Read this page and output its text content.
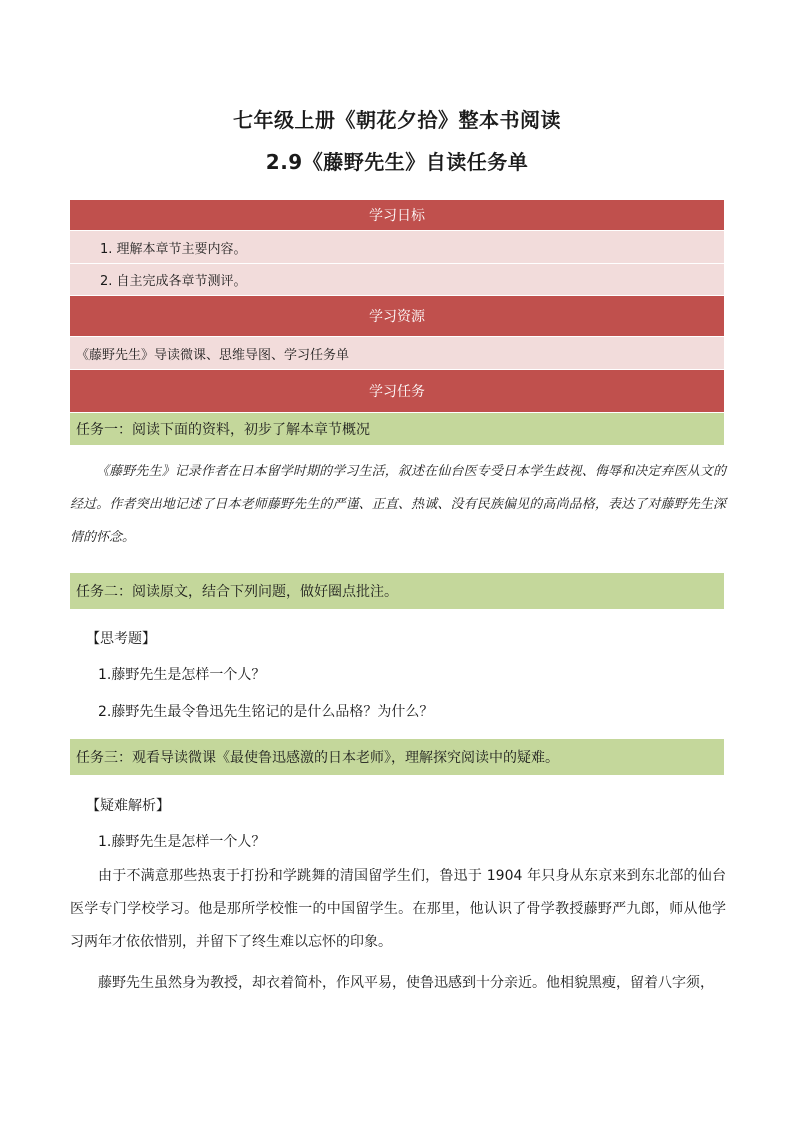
七年级上册《朝花夕拾》整本书阅读
2.9《藤野先生》自读任务单
学习日标
1. 理解本章节主要内容。
2. 自主完成各章节测评。
学习资源
《藤野先生》导读微课、思维导图、学习任务单
学习任务
任务一：阅读下面的资料，初步了解本章节概况
《藤野先生》记录作者在日本留学时期的学习生活，叙述在仙台医专受日本学生歧视、侮辱和决定弃医从文的经过。作者突出地记述了日本老师藤野先生的严谨、正直、热诚、没有民族偏见的高尚品格，表达了对藤野先生深情的怀念。
任务二：阅读原文，结合下列问题，做好圈点批注。
【思考题】
1.藤野先生是怎样一个人？
2.藤野先生最令鲁迅先生铭记的是什么品格？为什么？
任务三：观看导读微课《最使鲁迅感激的日本老师》，理解探究阅读中的疑难。
【疑难解析】
1.藤野先生是怎样一个人？
由于不满意那些热衷于打扮和学跳舞的清国留学生们，鲁迅于 1904 年只身从东京来到东北部的仙台医学专门学校学习。他是那所学校惟一的中国留学生。在那里，他认识了骨学教授藤野严九郎，师从他学习两年才依依惜别，并留下了终生难以忘怀的印象。
藤野先生虽然身为教授，却衣着简朴，作风平易，使鲁迅感到十分亲近。他相貌黑瘦，留着八字须，
